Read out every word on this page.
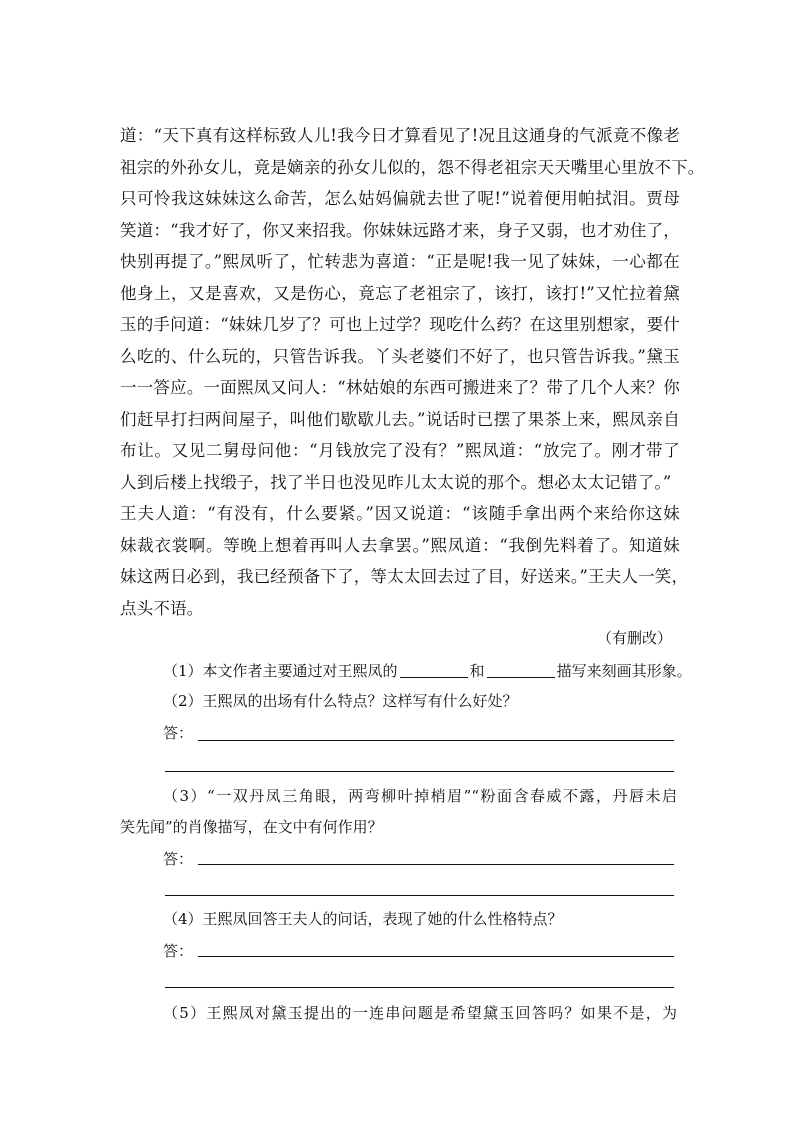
道：“天下真有这样标致人儿!我今日才算看见了!况且这通身的气派竟不像老
祖宗的外孙女儿，竟是嫡亲的孙女儿似的，怨不得老祖宗天天嘴里心里放不下。
只可怜我这妹妹这么命苦，怎么姑妈偏就去世了呢!”说着便用帕拭泪。贾母
笑道：“我才好了，你又来招我。你妹妹远路才来，身子又弱，也才劝住了，
快别再提了。”熙凤听了，忙转悲为喜道：“正是呢!我一见了妹妹，一心都在
他身上，又是喜欢，又是伤心，竟忘了老祖宗了，该打，该打!”又忙拉着黛
玉的手问道：“妹妹几岁了？可也上过学？现吃什么药？在这里别想家，要什
么吃的、什么玩的，只管告诉我。丫头老婆们不好了，也只管告诉我。”黛玉
一一答应。一面熙凤又问人：“林姑娘的东西可搬进来了？带了几个人来？你
们赶早打扫两间屋子，叫他们歇歇儿去。”说话时已摆了果茶上来，熙凤亲自
布让。又见二舅母问他：“月钱放完了没有？”熙凤道：“放完了。刚才带了
人到后楼上找缎子，找了半日也没见昨儿太太说的那个。想必太太记错了。”
王夫人道：“有没有，什么要紧。”因又说道：“该随手拿出两个来给你这妹
妹裁衣裳啊。等晚上想着再叫人去拿罢。”熙凤道：“我倒先料着了。知道妹
妹这两日必到，我已经预备下了，等太太回去过了目，好送来。”王夫人一笑，
点头不语。
（有删改）
（1）本文作者主要通过对王熙凤的	和	描写来刻画其形象。
（2）王熙凤的出场有什么特点？这样写有什么好处？
答：
（3）“一双丹凤三角眼，两弯柳叶掉梢眉”“粉面含春威不露，丹唇未启
笑先闻”的肖像描写，在文中有何作用？
答：
（4）王熙凤回答王夫人的问话，表现了她的什么性格特点？
答：
（5）王熙凤对黛玉提出的一连串问题是希望黛玉回答吗？如果不是，为
